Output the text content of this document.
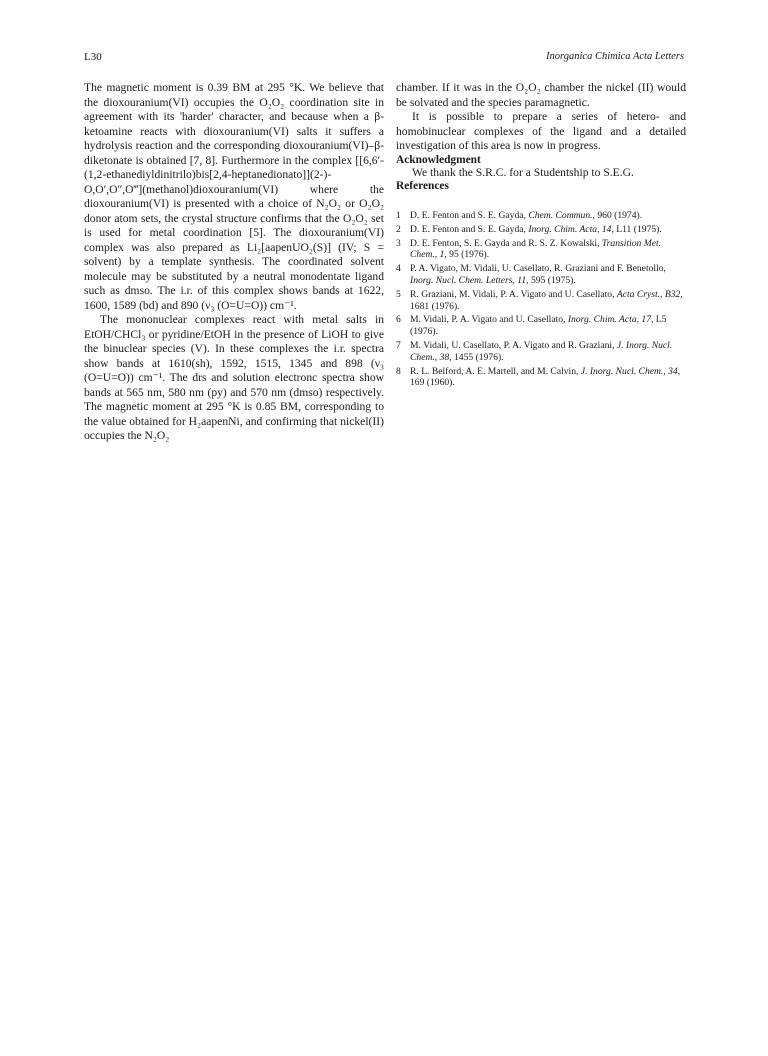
L30	Inorganica Chimica Acta Letters

The magnetic moment is 0.39 BM at 295 °K. We believe that the dioxouranium(VI) occupies the O₂O₂ coordination site in agreement with its 'harder' character, and because when a β-ketoamine reacts with dioxouranium(VI) salts it suffers a hydrolysis reaction and the corresponding dioxouranium(VI)–β-diketonate is obtained [7, 8]. Furthermore in the complex [[6,6′-(1,2-ethanediyldinitrilo)bis[2,4-heptanedionato]](2-)-O,O′,O″,O‴](methanol)dioxouranium(VI) where the dioxouranium(VI) is presented with a choice of N₂O₂ or O₂O₂ donor atom sets, the crystal structure confirms that the O₂O₂ set is used for metal coordination [5]. The dioxouranium(VI) complex was also prepared as Li₂[aapenUO₂(S)] (IV; S = solvent) by a template synthesis. The coordinated solvent molecule may be substituted by a neutral monodentate ligand such as dmso. The i.r. of this complex shows bands at 1622, 1600, 1589 (bd) and 890 (ν₃ (O=U=O)) cm⁻¹.

The mononuclear complexes react with metal salts in EtOH/CHCl₃ or pyridine/EtOH in the presence of LiOH to give the binuclear species (V). In these complexes the i.r. spectra show bands at 1610(sh), 1592, 1515, 1345 and 898 (ν₃ (O=U=O)) cm⁻¹. The drs and solution electronc spectra show bands at 565 nm, 580 nm (py) and 570 nm (dmso) respectively. The magnetic moment at 295 °K is 0.85 BM, corresponding to the value obtained for H₂aapenNi, and confirming that nickel(II) occupies the N₂O₂

chamber. If it was in the O₂O₂ chamber the nickel (II) would be solvated and the species paramagnetic.

It is possible to prepare a series of hetero- and homobinuclear complexes of the ligand and a detailed investigation of this area is now in progress.

Acknowledgment

We thank the S.R.C. for a Studentship to S.E.G.

References
1 D. E. Fenton and S. E. Gayda, Chem. Commun., 960 (1974).
2 D. E. Fenton and S. E. Gayda, Inorg. Chim. Acta, 14, L11 (1975).
3 D. E. Fenton, S. E. Gayda and R. S. Z. Kowalski, Transition Met. Chem., 1, 95 (1976).
4 P. A. Vigato, M. Vidali, U. Casellato, R. Graziani and F. Benetollo, Inorg. Nucl. Chem. Letters, 11, 595 (1975).
5 R. Graziani, M. Vidali, P. A. Vigato and U. Casellato, Acta Cryst., B32, 1681 (1976).
6 M. Vidali, P. A. Vigato and U. Casellato, Inorg. Chim. Acta, 17, L5 (1976).
7 M. Vidali, U. Casellato, P. A. Vigato and R. Graziani, J. Inorg. Nucl. Chem., 38, 1455 (1976).
8 R. L. Belford, A. E. Martell, and M. Calvin, J. Inorg. Nucl. Chem., 34, 169 (1960).
